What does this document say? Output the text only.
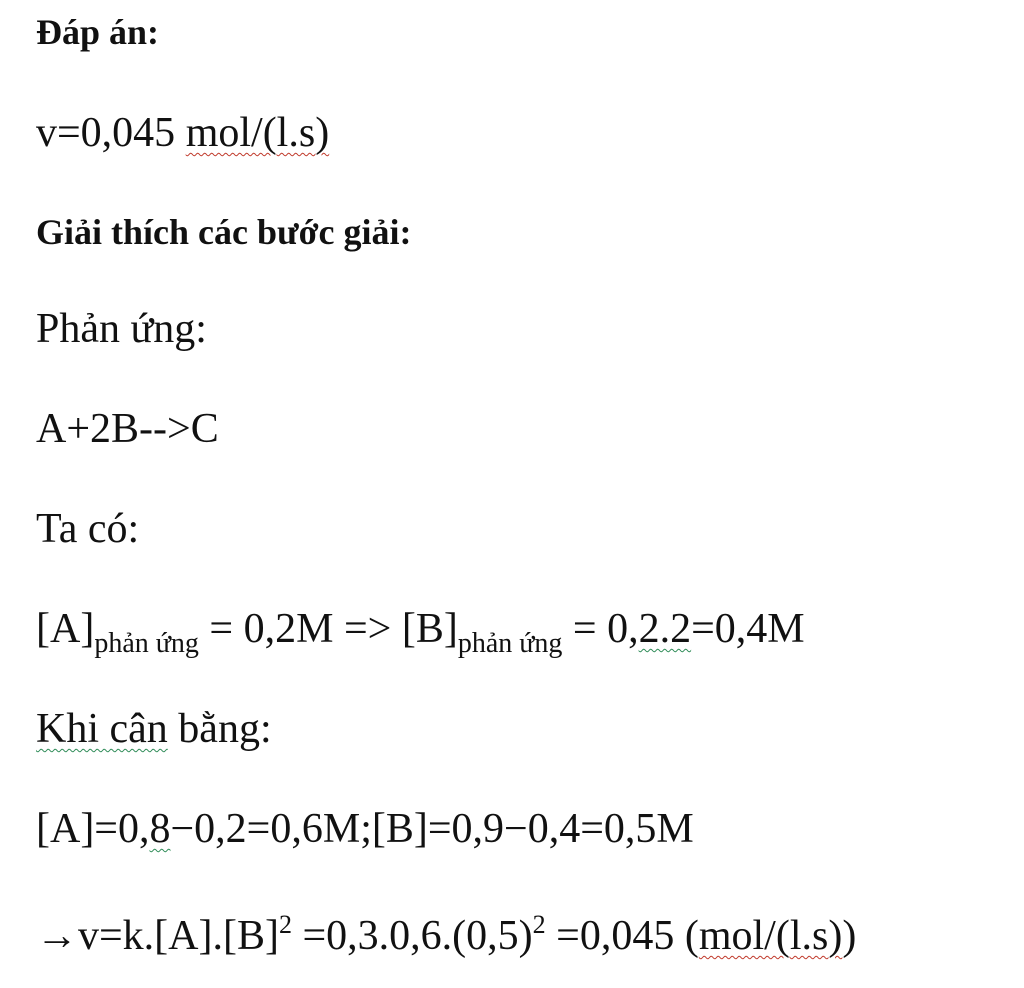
Đáp án:
v=0,045 mol/(l.s)
Giải thích các bước giải:
Phản ứng:
A+2B-->C
Ta có:
$[A]_{phản ứng} = 0,2M => [B]_{phản ứng} = 0,2.2=0,4M$
Khi cân bằng:
[A]=0,8−0,2=0,6M;[B]=0,9−0,4=0,5M
$\to v=k.[A].[B]^2 =0,3.0,6.(0,5)^2 =0,045$ (mol/(l.s))
